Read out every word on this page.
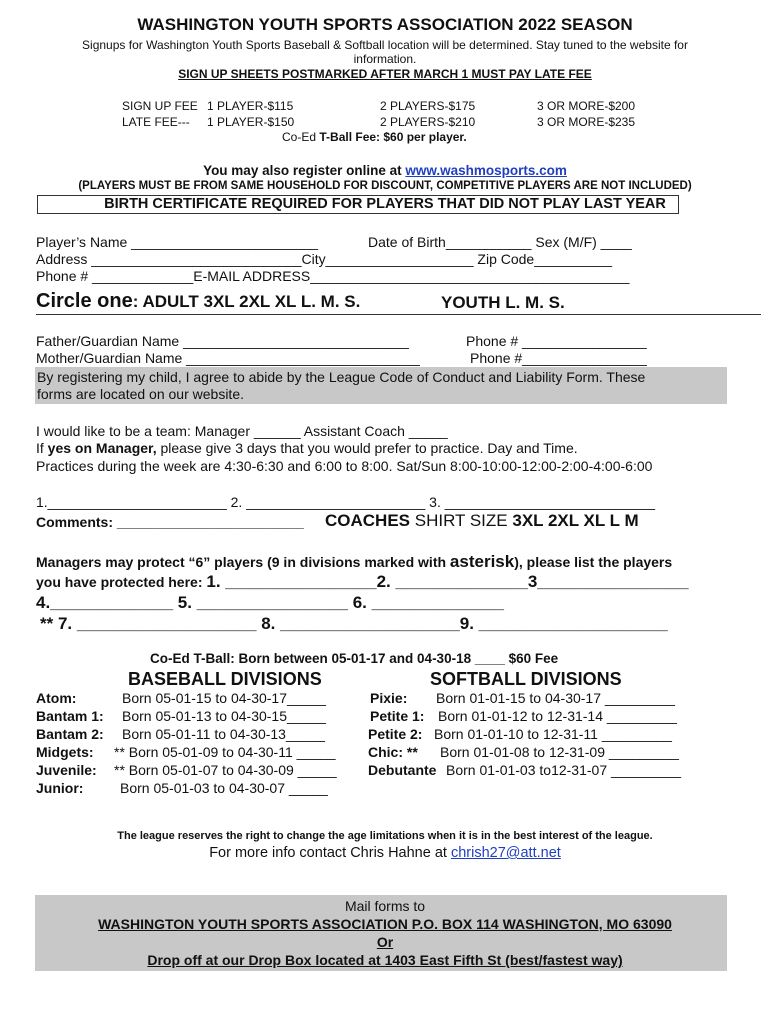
WASHINGTON YOUTH SPORTS ASSOCIATION 2022 SEASON
Signups for Washington Youth Sports Baseball & Softball location will be determined. Stay tuned to the website for
information.
SIGN UP SHEETS POSTMARKED AFTER MARCH 1 MUST PAY LATE FEE
SIGN UP FEE 1 PLAYER-$115	2 PLAYERS-$175	3 OR MORE-$200
LATE FEE--- 1 PLAYER-$150	2 PLAYERS-$210	3 OR MORE-$235
Co-Ed T-Ball Fee: $60 per player.
You may also register online at www.washmosports.com
(PLAYERS MUST BE FROM SAME HOUSEHOLD FOR DISCOUNT, COMPETITIVE PLAYERS ARE NOT INCLUDED)
BIRTH CERTIFICATE REQUIRED FOR PLAYERS THAT DID NOT PLAY LAST YEAR
Player’s Name ________________________	Date of Birth___________ Sex (M/F) ____
Address ___________________________City___________________ Zip Code__________
Phone # _____________E-MAIL ADDRESS_________________________________________
Circle one: ADULT 3XL 2XL XL L. M. S.	YOUTH L. M. S.
Father/Guardian Name _____________________________	Phone # ________________
Mother/Guardian Name ______________________________	Phone #________________
By registering my child, I agree to abide by the League Code of Conduct and Liability Form. These
forms are located on our website.
I would like to be a team: Manager ______ Assistant Coach _____
If yes on Manager, please give 3 days that you would prefer to practice. Day and Time.
Practices during the week are 4:30-6:30 and 6:00 to 8:00. Sat/Sun 8:00-10:00-12:00-2:00-4:00-6:00
1._______________________ 2. _______________________ 3. ___________________________
Comments: ________________________ COACHES SHIRT SIZE 3XL 2XL XL L M
Managers may protect “6” players (9 in divisions marked with asterisk), please list the players
you have protected here: 1. ________________2. ______________3________________
4._____________ 5. ________________ 6. ______________
** 7. ___________________ 8. ___________________9. ____________________
Co-Ed T-Ball: Born between 05-01-17 and 04-30-18 ____ $60 Fee
BASEBALL DIVISIONS
Atom:	Born 05-01-15 to 04-30-17_____
Bantam 1: Born 05-01-13 to 04-30-15_____
Bantam 2: Born 05-01-11 to 04-30-13_____
Midgets: ** Born 05-01-09 to 04-30-11 _____
Juvenile: ** Born 05-01-07 to 04-30-09 _____
Junior:	Born 05-01-03 to 04-30-07 _____
SOFTBALL DIVISIONS
Pixie: Born 01-01-15 to 04-30-17 _________
Petite 1: Born 01-01-12 to 12-31-14 _________
Petite 2: Born 01-01-10 to 12-31-11 _________
Chic: ** Born 01-01-08 to 12-31-09 _________
Debutante Born 01-01-03 to12-31-07 _________
The league reserves the right to change the age limitations when it is in the best interest of the league.
For more info contact Chris Hahne at chrish27@att.net
Mail forms to
WASHINGTON YOUTH SPORTS ASSOCIATION P.O. BOX 114 WASHINGTON, MO 63090
Or
Drop off at our Drop Box located at 1403 East Fifth St (best/fastest way)
